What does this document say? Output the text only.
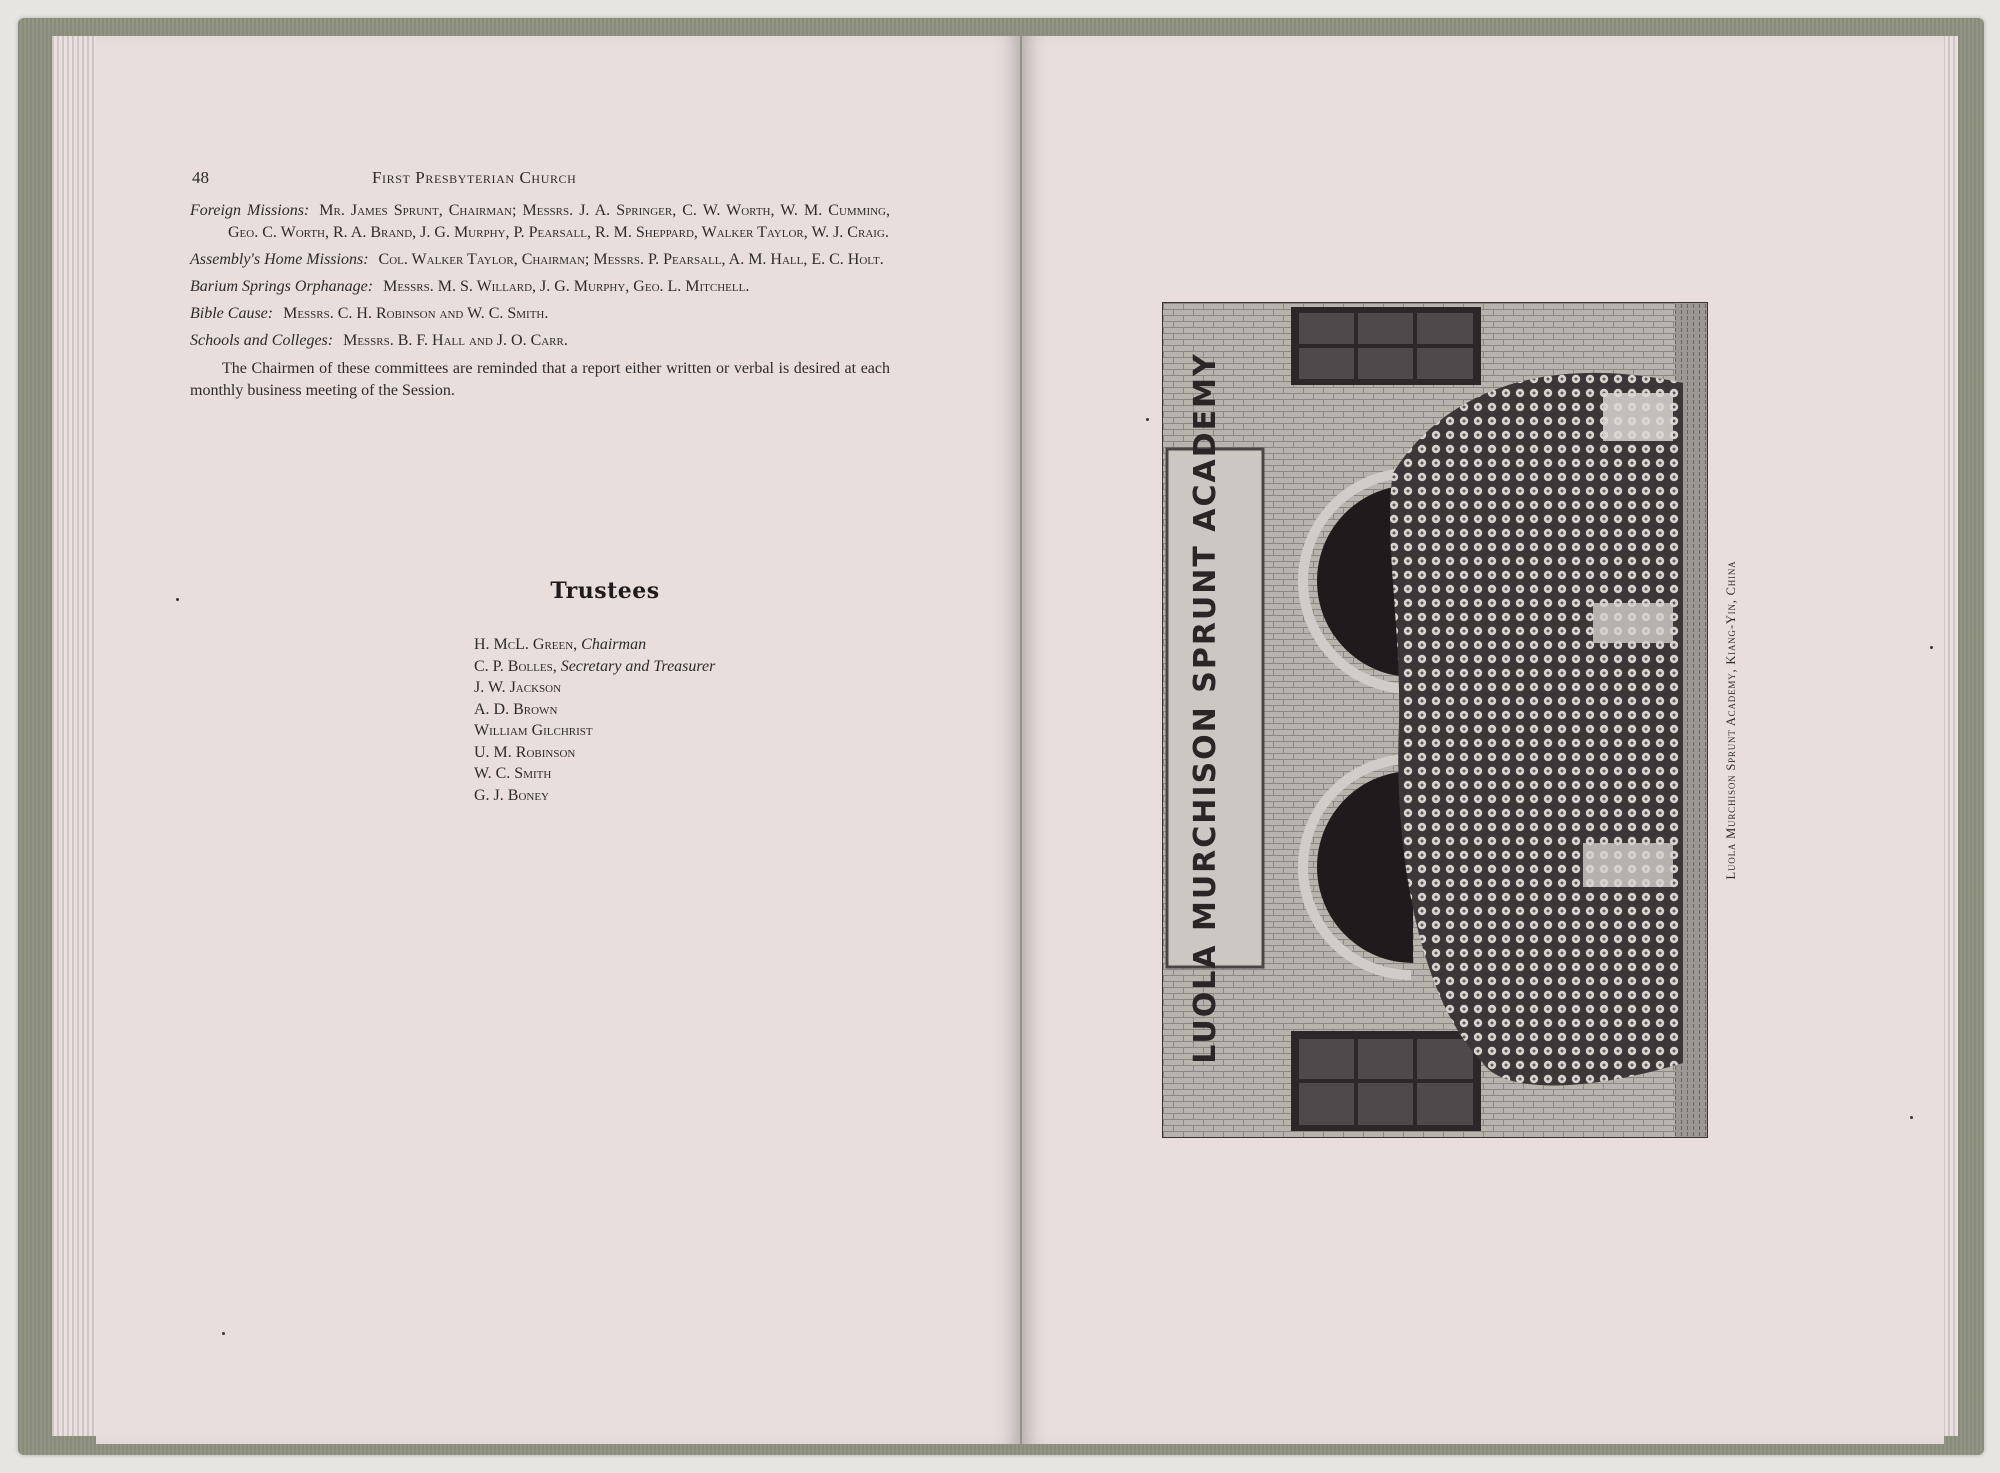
48	First Presbyterian Church

Foreign Missions: Mr. James Sprunt, Chairman; Messrs. J. A. Springer, C. W. Worth, W. M. Cumming, Geo. C. Worth, R. A. Brand, J. G. Murphy, P. Pearsall, R. M. Sheppard, Walker Taylor, W. J. Craig.

Assembly's Home Missions: Col. Walker Taylor, Chairman; Messrs. P. Pearsall, A. M. Hall, E. C. Holt.

Barium Springs Orphanage: Messrs. M. S. Willard, J. G. Murphy, Geo. L. Mitchell.

Bible Cause: Messrs. C. H. Robinson and W. C. Smith.

Schools and Colleges: Messrs. B. F. Hall and J. O. Carr.

The Chairmen of these committees are reminded that a report either written or verbal is desired at each monthly business meeting of the Session.

Trustees
H. McL. Green, Chairman
C. P. Bolles, Secretary and Treasurer
J. W. Jackson
A. D. Brown
William Gilchrist
U. M. Robinson
W. C. Smith
G. J. Boney	LUOLA MURCHISON SPRUNT ACADEMY	Luola Murchison Sprunt Academy, Kiang-Yin, China
